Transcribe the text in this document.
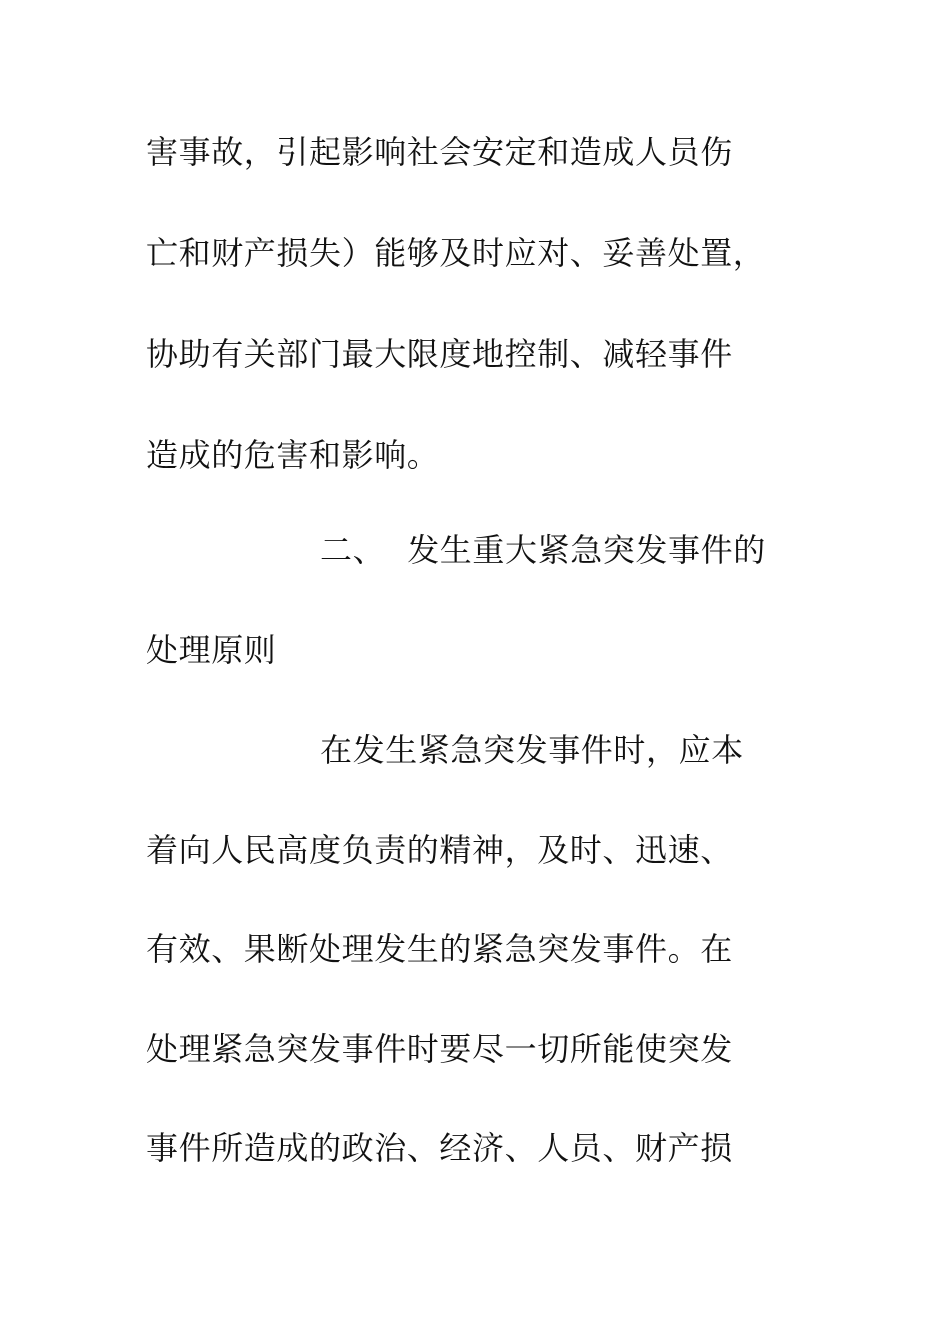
害事故，引起影响社会安定和造成人员伤
亡和财产损失）能够及时应对、妥善处置，
协助有关部门最大限度地控制、减轻事件
造成的危害和影响。
二、 发生重大紧急突发事件的
处理原则
在发生紧急突发事件时，应本
着向人民高度负责的精神，及时、迅速、
有效、果断处理发生的紧急突发事件。在
处理紧急突发事件时要尽一切所能使突发
事件所造成的政治、经济、人员、财产损
